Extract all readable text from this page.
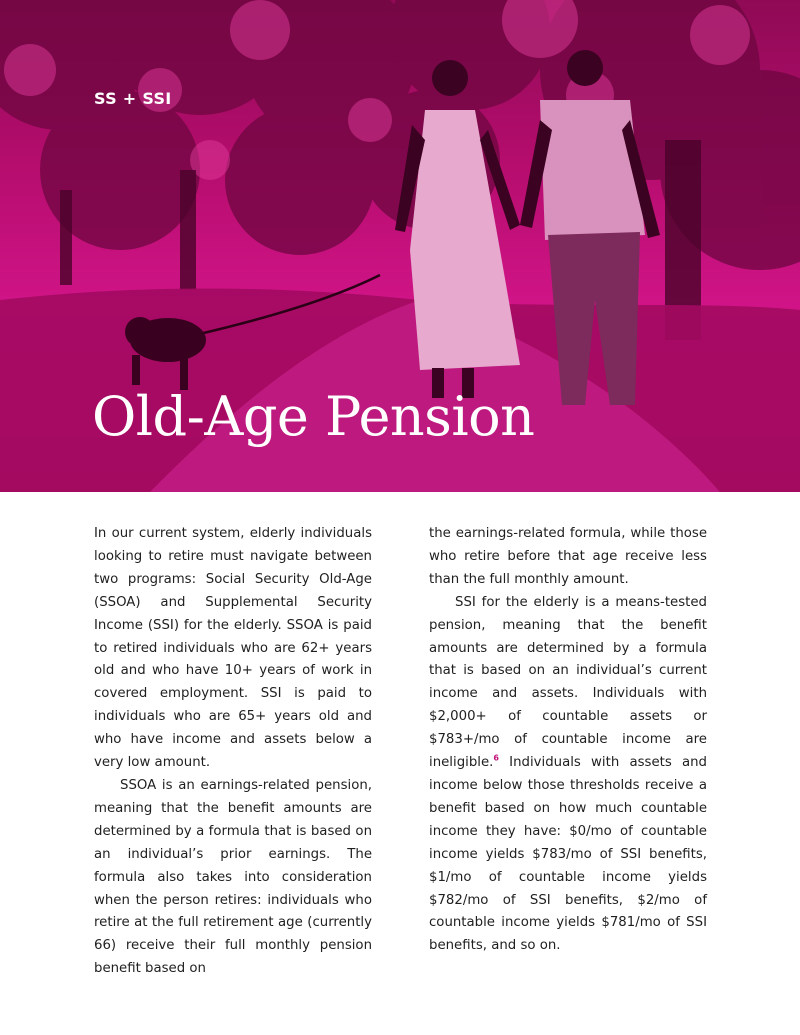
SS + SSI
Old-Age Pension

In our current system, elderly individuals looking to retire must navigate between two programs: Social Security Old-Age (SSOA) and Supplemental Security Income (SSI) for the elderly. SSOA is paid to retired individuals who are 62+ years old and who have 10+ years of work in covered employment. SSI is paid to individuals who are 65+ years old and who have income and assets below a very low amount.

SSOA is an earnings-related pension, meaning that the benefit amounts are determined by a formula that is based on an individual’s prior earnings. The formula also takes into consideration when the person retires: individuals who retire at the full retirement age (currently 66) receive their full monthly pension benefit based on

the earnings-related formula, while those who retire before that age receive less than the full monthly amount.

SSI for the elderly is a means-tested pension, meaning that the benefit amounts are determined by a formula that is based on an individual’s current income and assets. Individuals with $2,000+ of countable assets or $783+/mo of countable income are ineligible.$^6$ Individuals with assets and income below those thresholds receive a benefit based on how much countable income they have: $0/mo of countable income yields $783/mo of SSI benefits, $1/mo of countable income yields $782/mo of SSI benefits, $2/mo of countable income yields $781/mo of SSI benefits, and so on.
